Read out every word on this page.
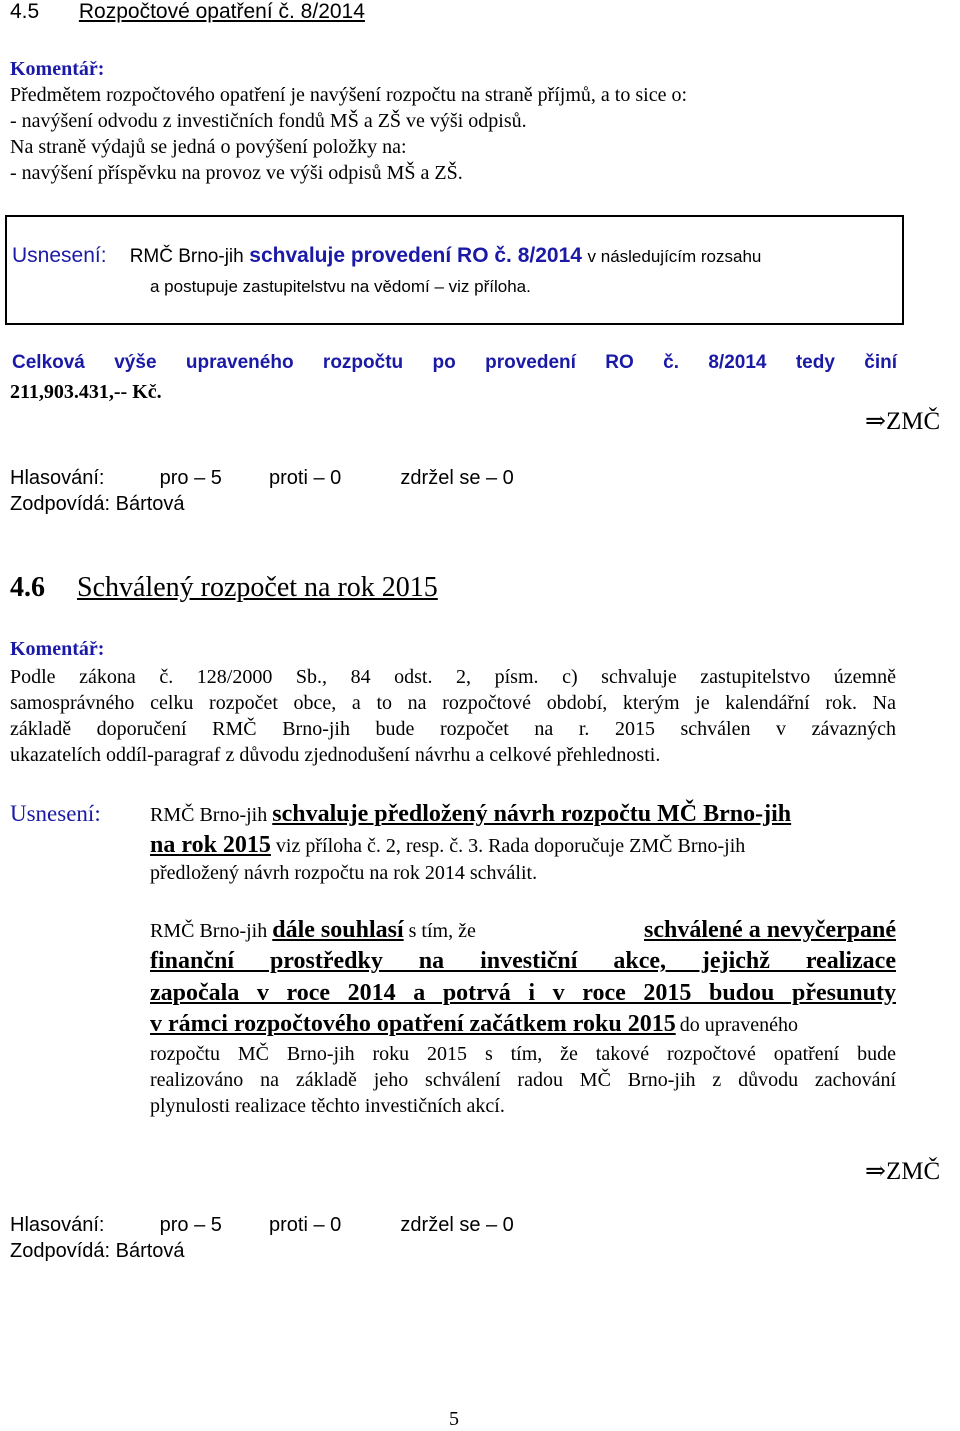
4.5 Rozpočtové opatření č. 8/2014
Komentář:
Předmětem rozpočtového opatření je navýšení rozpočtu na straně příjmů, a to sice o:
- navýšení odvodu z investičních fondů MŠ a ZŠ ve výši odpisů.
Na straně výdajů se jedná o povýšení položky na:
- navýšení příspěvku na provoz ve výši odpisů MŠ a ZŠ.
Usnesení: RMČ Brno-jih schvaluje provedení RO č. 8/2014 v následujícím rozsahu
a postupuje zastupitelstvu na vědomí – viz příloha.
Celková výše upraveného rozpočtu po provedení RO č. 8/2014 tedy činí
211,903.431,-- Kč.
⇒ZMČ
Hlasování:	pro – 5 proti – 0	zdržel se – 0
Zodpovídá: Bártová
4.6 Schválený rozpočet na rok 2015
Komentář:
Podle zákona č. 128/2000 Sb., 84 odst. 2, písm. c) schvaluje zastupitelstvo územně
samosprávného celku rozpočet obce, a to na rozpočtové období, kterým je kalendářní rok. Na
základě doporučení RMČ Brno-jih bude rozpočet na r. 2015 schválen v závazných
ukazatelích oddíl-paragraf z důvodu zjednodušení návrhu a celkové přehlednosti.
Usnesení: RMČ Brno-jih schvaluje předložený návrh rozpočtu MČ Brno-jih
na rok 2015 viz příloha č. 2, resp. č. 3. Rada doporučuje ZMČ Brno-jih
předložený návrh rozpočtu na rok 2014 schválit.
RMČ Brno-jih dále souhlasí s tím, že	schválené a nevyčerpané
finanční prostředky na investiční akce, jejichž realizace
započala v roce 2014 a potrvá i v roce 2015 budou přesunuty
v rámci rozpočtového opatření začátkem roku 2015 do upraveného
rozpočtu MČ Brno-jih roku 2015 s tím, že takové rozpočtové opatření bude
realizováno na základě jeho schválení radou MČ Brno-jih z důvodu zachování
plynulosti realizace těchto investičních akcí.
⇒ZMČ
Hlasování:	pro – 5 proti – 0	zdržel se – 0
Zodpovídá: Bártová
5
